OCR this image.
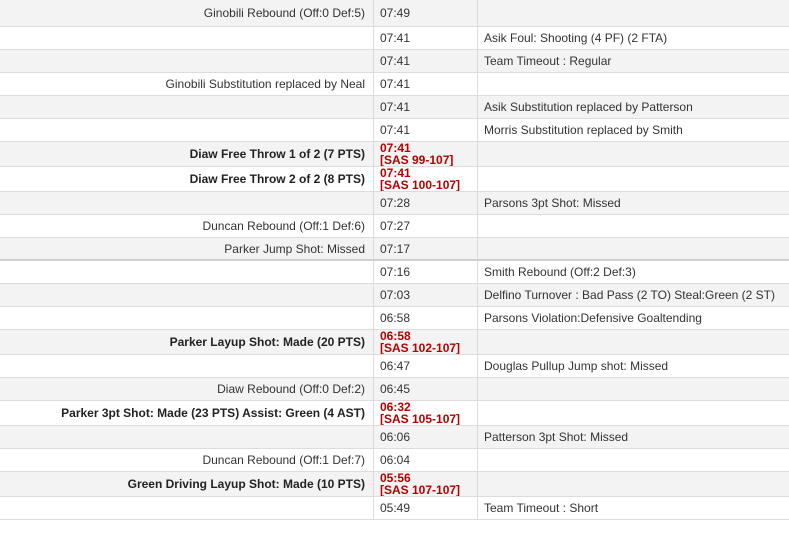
Ginobili Rebound (Off:0 Def:5)	07:49
07:41	Asik Foul: Shooting (4 PF) (2 FTA)
07:41	Team Timeout : Regular
Ginobili Substitution replaced by Neal	07:41
07:41	Asik Substitution replaced by Patterson
07:41	Morris Substitution replaced by Smith
Diaw Free Throw 1 of 2 (7 PTS)	07:41
[SAS 99-107]
Diaw Free Throw 2 of 2 (8 PTS)	07:41
[SAS 100-107]
07:28	Parsons 3pt Shot: Missed
Duncan Rebound (Off:1 Def:6)	07:27
Parker Jump Shot: Missed	07:17
07:16	Smith Rebound (Off:2 Def:3)
07:03	Delfino Turnover : Bad Pass (2 TO) Steal:Green (2 ST)
06:58	Parsons Violation:Defensive Goaltending
Parker Layup Shot: Made (20 PTS)	06:58
[SAS 102-107]
06:47	Douglas Pullup Jump shot: Missed
Diaw Rebound (Off:0 Def:2)	06:45
Parker 3pt Shot: Made (23 PTS) Assist: Green (4 AST)	06:32
[SAS 105-107]
06:06	Patterson 3pt Shot: Missed
Duncan Rebound (Off:1 Def:7)	06:04
Green Driving Layup Shot: Made (10 PTS)	05:56
[SAS 107-107]
05:49	Team Timeout : Short
